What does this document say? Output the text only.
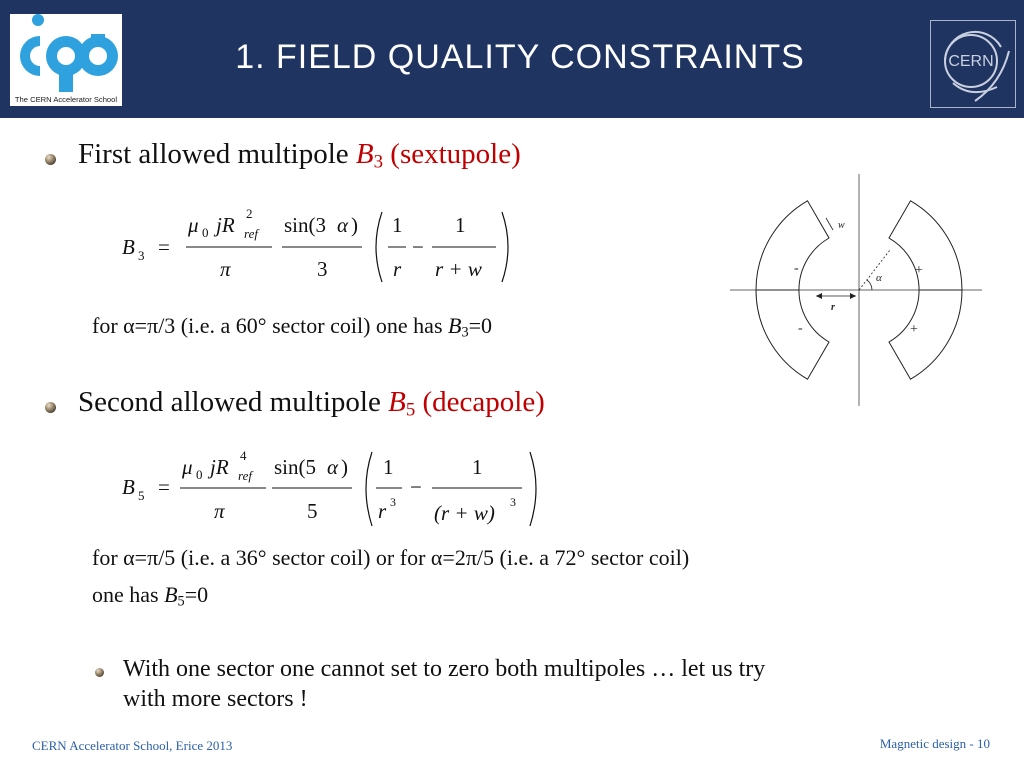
The CERN Accelerator School
1. FIELD QUALITY CONSTRAINTS	CERN
First allowed multipole $B_3$ (sextupole)
B 3 =
μ 0 jR 2
ref
π
sin(3 α )
3
1
r
−
1
r + w
for α=π/3 (i.e. a 60° sector coil) one has $B_3=0$
Second allowed multipole $B_5$ (decapole)
B 5 =
μ 0 jR 4
ref
π
sin(5 α )
5
1
r 3
−
1
(r + w) 3
for α=π/5 (i.e. a 36° sector coil) or for α=2π/5 (i.e. a 72° sector coil)
one has $B_5=0$
With one sector one cannot set to zero both multipoles … let us try
with more sectors !
w
α
r
-	+
-	+
CERN Accelerator School, Erice 2013	Magnetic design - 10
